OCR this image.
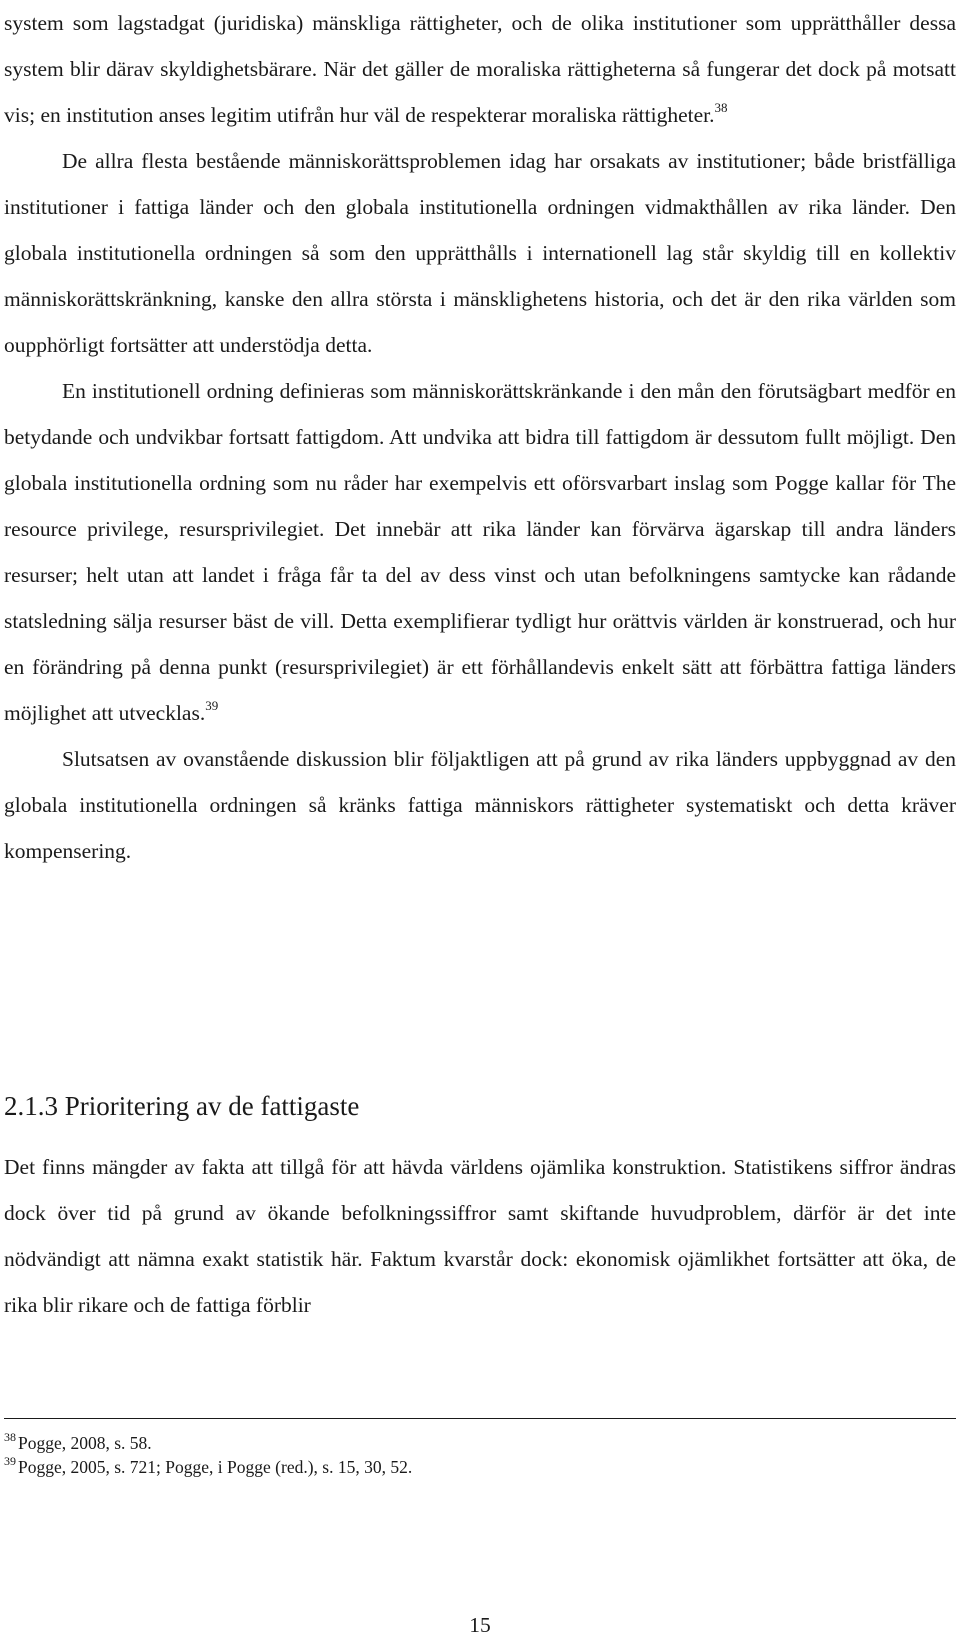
system som lagstadgat (juridiska) mänskliga rättigheter, och de olika institutioner som upprätthåller dessa system blir därav skyldighetsbärare. När det gäller de moraliska rättigheterna så fungerar det dock på motsatt vis; en institution anses legitim utifrån hur väl de respekterar moraliska rättigheter.$^{38}$

De allra flesta bestående människorättsproblemen idag har orsakats av institutioner; både bristfälliga institutioner i fattiga länder och den globala institutionella ordningen vidmakthållen av rika länder. Den globala institutionella ordningen så som den upprätthålls i internationell lag står skyldig till en kollektiv människorättskränkning, kanske den allra största i mänsklighetens historia, och det är den rika världen som oupphörligt fortsätter att understödja detta.

En institutionell ordning definieras som människorättskränkande i den mån den förutsägbart medför en betydande och undvikbar fortsatt fattigdom. Att undvika att bidra till fattigdom är dessutom fullt möjligt. Den globala institutionella ordning som nu råder har exempelvis ett oförsvarbart inslag som Pogge kallar för The resource privilege, resursprivilegiet. Det innebär att rika länder kan förvärva ägarskap till andra länders resurser; helt utan att landet i fråga får ta del av dess vinst och utan befolkningens samtycke kan rådande statsledning sälja resurser bäst de vill. Detta exemplifierar tydligt hur orättvis världen är konstruerad, och hur en förändring på denna punkt (resursprivilegiet) är ett förhållandevis enkelt sätt att förbättra fattiga länders möjlighet att utvecklas.$^{39}$

Slutsatsen av ovanstående diskussion blir följaktligen att på grund av rika länders uppbyggnad av den globala institutionella ordningen så kränks fattiga människors rättigheter systematiskt och detta kräver kompensering.

2.1.3 Prioritering av de fattigaste

Det finns mängder av fakta att tillgå för att hävda världens ojämlika konstruktion. Statistikens siffror ändras dock över tid på grund av ökande befolkningssiffror samt skiftande huvudproblem, därför är det inte nödvändigt att nämna exakt statistik här. Faktum kvarstår dock: ekonomisk ojämlikhet fortsätter att öka, de rika blir rikare och de fattiga förblir

$^{38}$ Pogge, 2008, s. 58.

$^{39}$ Pogge, 2005, s. 721; Pogge, i Pogge (red.), s. 15, 30, 52.

15
